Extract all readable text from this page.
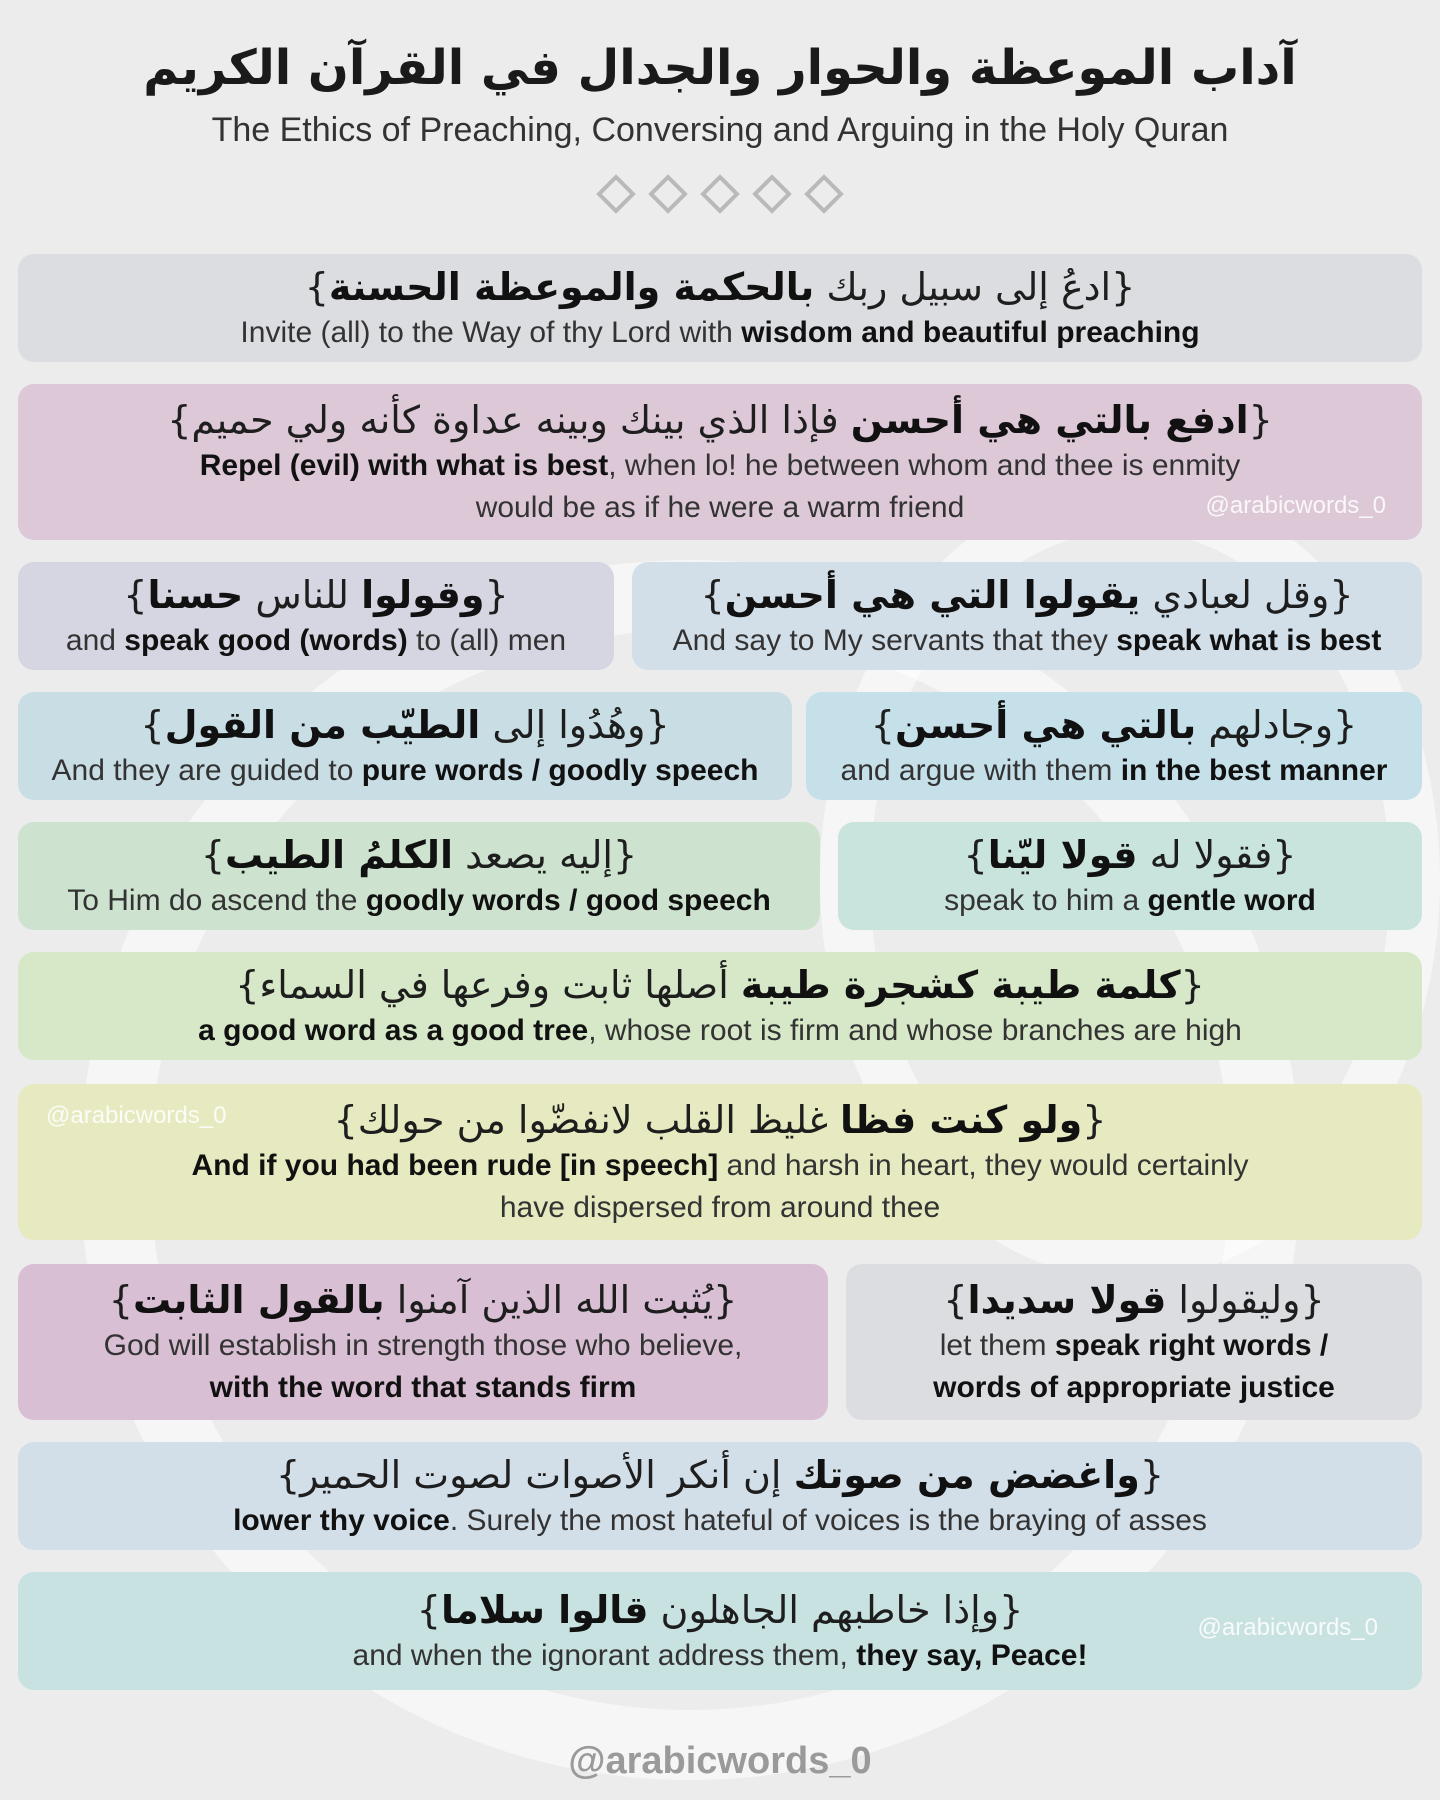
آداب الموعظة والحوار والجدال في القرآن الكريم
The Ethics of Preaching, Conversing and Arguing in the Holy Quran
{ادعُ إلى سبيل ربك بالحكمة والموعظة الحسنة}
Invite (all) to the Way of thy Lord with wisdom and beautiful preaching
{ادفع بالتي هي أحسن فإذا الذي بينك وبينه عداوة كأنه ولي حميم}
Repel (evil) with what is best, when lo! he between whom and thee is enmity
would be as if he were a warm friend	@arabicwords_0
{وقولوا للناس حسنا}
and speak good (words) to (all) men
{وقل لعبادي يقولوا التي هي أحسن}
And say to My servants that they speak what is best
{وهُدُوا إلى الطيّب من القول}
And they are guided to pure words / goodly speech
{وجادلهم بالتي هي أحسن}
and argue with them in the best manner
{إليه يصعد الكلمُ الطيب}
To Him do ascend the goodly words / good speech
{فقولا له قولا ليّنا}
speak to him a gentle word
{كلمة طيبة كشجرة طيبة أصلها ثابت وفرعها في السماء}
a good word as a good tree, whose root is firm and whose branches are high
{ولو كنت فظا غليظ القلب لانفضّوا من حولك}
And if you had been rude [in speech] and harsh in heart, they would certainly
have dispersed from around thee
@arabicwords_0
{يُثبت الله الذين آمنوا بالقول الثابت}
God will establish in strength those who believe,
with the word that stands firm
{وليقولوا قولا سديدا}
let them speak right words /
words of appropriate justice
{واغضض من صوتك إن أنكر الأصوات لصوت الحمير}
lower thy voice. Surely the most hateful of voices is the braying of asses
{وإذا خاطبهم الجاهلون قالوا سلاما}
and when the ignorant address them, they say, Peace!
@arabicwords_0
@arabicwords_0
